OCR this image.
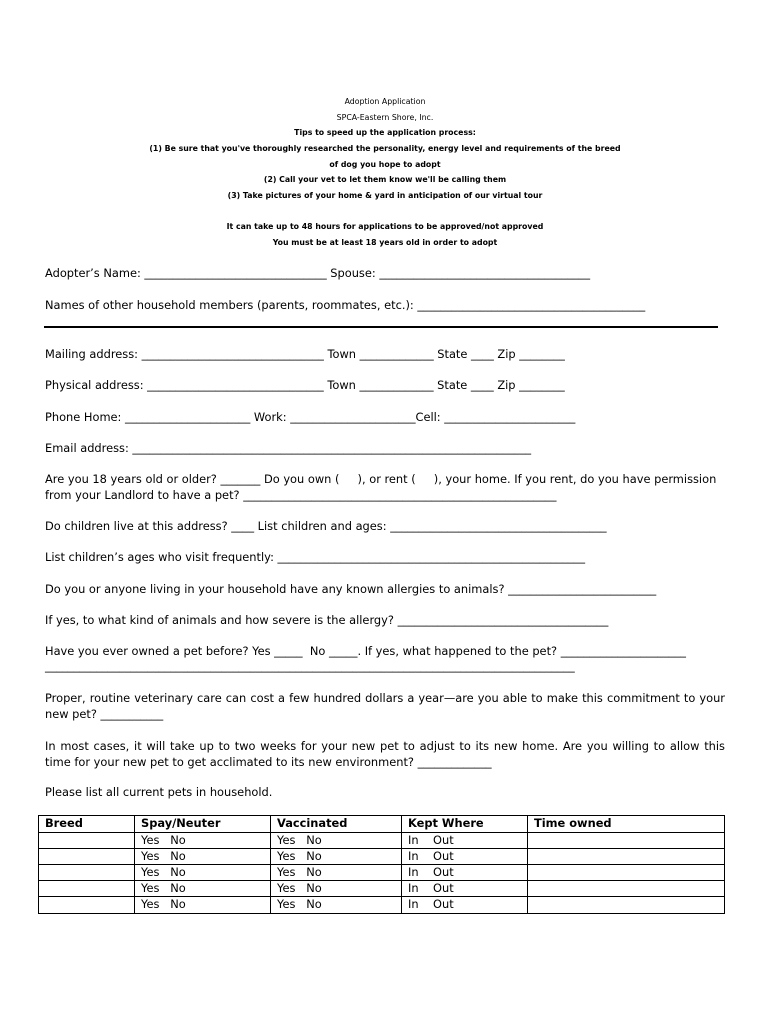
Adoption Application
SPCA-Eastern Shore, Inc.
Tips to speed up the application process:
(1) Be sure that you've thoroughly researched the personality, energy level and requirements of the breed
of dog you hope to adopt
(2) Call your vet to let them know we'll be calling them
(3) Take pictures of your home & yard in anticipation of our virtual tour
It can take up to 48 hours for applications to be approved/not approved
You must be at least 18 years old in order to adopt
Adopter’s Name: ________________________________ Spouse: _____________________________________
Names of other household members (parents, roommates, etc.): ________________________________________
Mailing address: ________________________________ Town _____________ State ____ Zip ________
Physical address: _______________________________ Town _____________ State ____ Zip ________
Phone Home: ______________________ Work: ______________________Cell: _______________________
Email address: ______________________________________________________________________
Are you 18 years old or older? _______ Do you own (     ), or rent (     ), your home. If you rent, do you have permission
from your Landlord to have a pet? _______________________________________________________
Do children live at this address? ____ List children and ages: ______________________________________
List children’s ages who visit frequently: ______________________________________________________
Do you or anyone living in your household have any known allergies to animals? __________________________
If yes, to what kind of animals and how severe is the allergy? _____________________________________
Have you ever owned a pet before? Yes _____  No _____. If yes, what happened to the pet? ______________________
_____________________________________________________________________________________________
Proper, routine veterinary care can cost a few hundred dollars a year—are you able to make this commitment to your new pet? ___________
In most cases, it will take up to two weeks for your new pet to adjust to its new home. Are you willing to allow this time for your new pet to get acclimated to its new environment? _____________
Please list all current pets in household.
Breed	Spay/Neuter	Vaccinated	Kept Where	Time owned
	Yes   No	Yes   No	In    Out	
	Yes   No	Yes   No	In    Out	
	Yes   No	Yes   No	In    Out	
	Yes   No	Yes   No	In    Out	
	Yes   No	Yes   No	In    Out	
